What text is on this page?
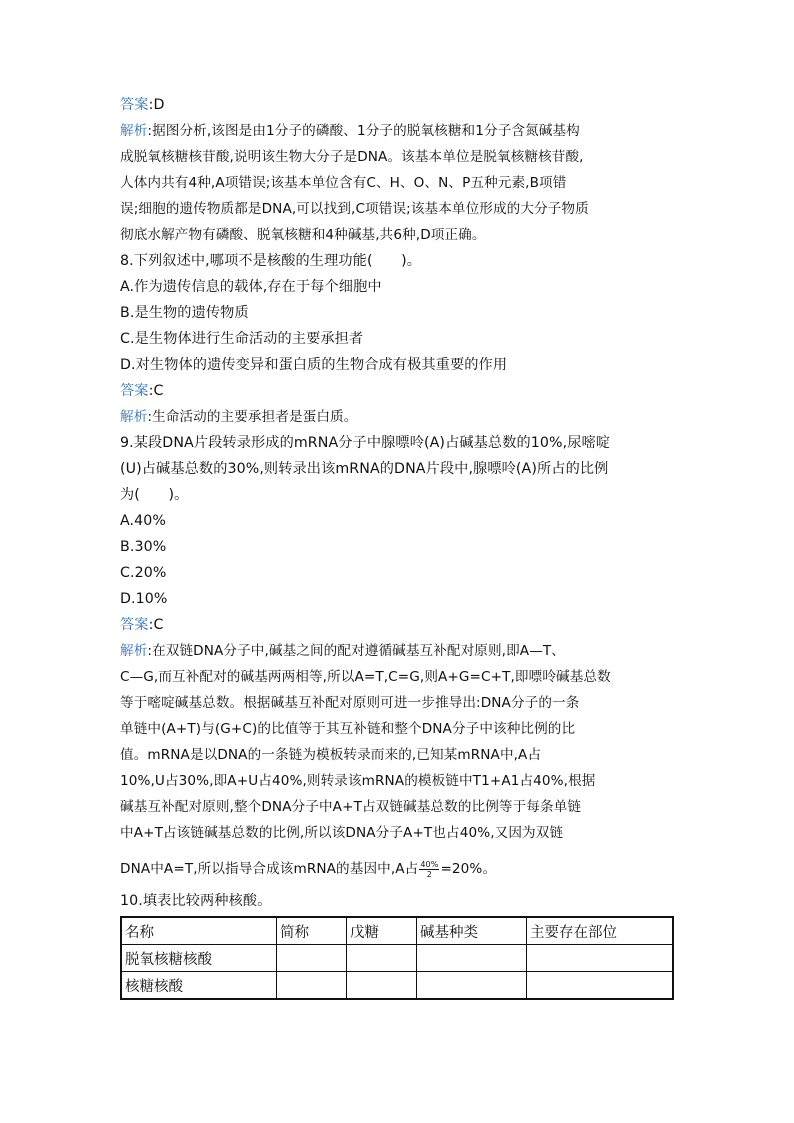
答案:D
解析:据图分析,该图是由1分子的磷酸、1分子的脱氧核糖和1分子含氮碱基构
成脱氧核糖核苷酸,说明该生物大分子是DNA。该基本单位是脱氧核糖核苷酸,
人体内共有4种,A项错误;该基本单位含有C、H、O、N、P五种元素,B项错
误;细胞的遗传物质都是DNA,可以找到,C项错误;该基本单位形成的大分子物质
彻底水解产物有磷酸、脱氧核糖和4种碱基,共6种,D项正确。
8.下列叙述中,哪项不是核酸的生理功能(　　)。
A.作为遗传信息的载体,存在于每个细胞中
B.是生物的遗传物质
C.是生物体进行生命活动的主要承担者
D.对生物体的遗传变异和蛋白质的生物合成有极其重要的作用
答案:C
解析:生命活动的主要承担者是蛋白质。
9.某段DNA片段转录形成的mRNA分子中腺嘌呤(A)占碱基总数的10%,尿嘧啶
(U)占碱基总数的30%,则转录出该mRNA的DNA片段中,腺嘌呤(A)所占的比例
为(　　)。
A.40%
B.30%
C.20%
D.10%
答案:C
解析:在双链DNA分子中,碱基之间的配对遵循碱基互补配对原则,即A—T、
C—G,而互补配对的碱基两两相等,所以A=T,C=G,则A+G=C+T,即嘌呤碱基总数
等于嘧啶碱基总数。根据碱基互补配对原则可进一步推导出:DNA分子的一条
单链中(A+T)与(G+C)的比值等于其互补链和整个DNA分子中该种比例的比
值。mRNA是以DNA的一条链为模板转录而来的,已知某mRNA中,A占
10%,U占30%,即A+U占40%,则转录该mRNA的模板链中T1+A1占40%,根据
碱基互补配对原则,整个DNA分子中A+T占双链碱基总数的比例等于每条单链
中A+T占该链碱基总数的比例,所以该DNA分子A+T也占40%,又因为双链
DNA中A=T,所以指导合成该mRNA的基因中,A占 $\frac{40\%}{2} =20\%$。
10.填表比较两种核酸。
名称	简称	戊糖	碱基种类	主要存在部位
脱氧核糖核酸				
核糖核酸				
